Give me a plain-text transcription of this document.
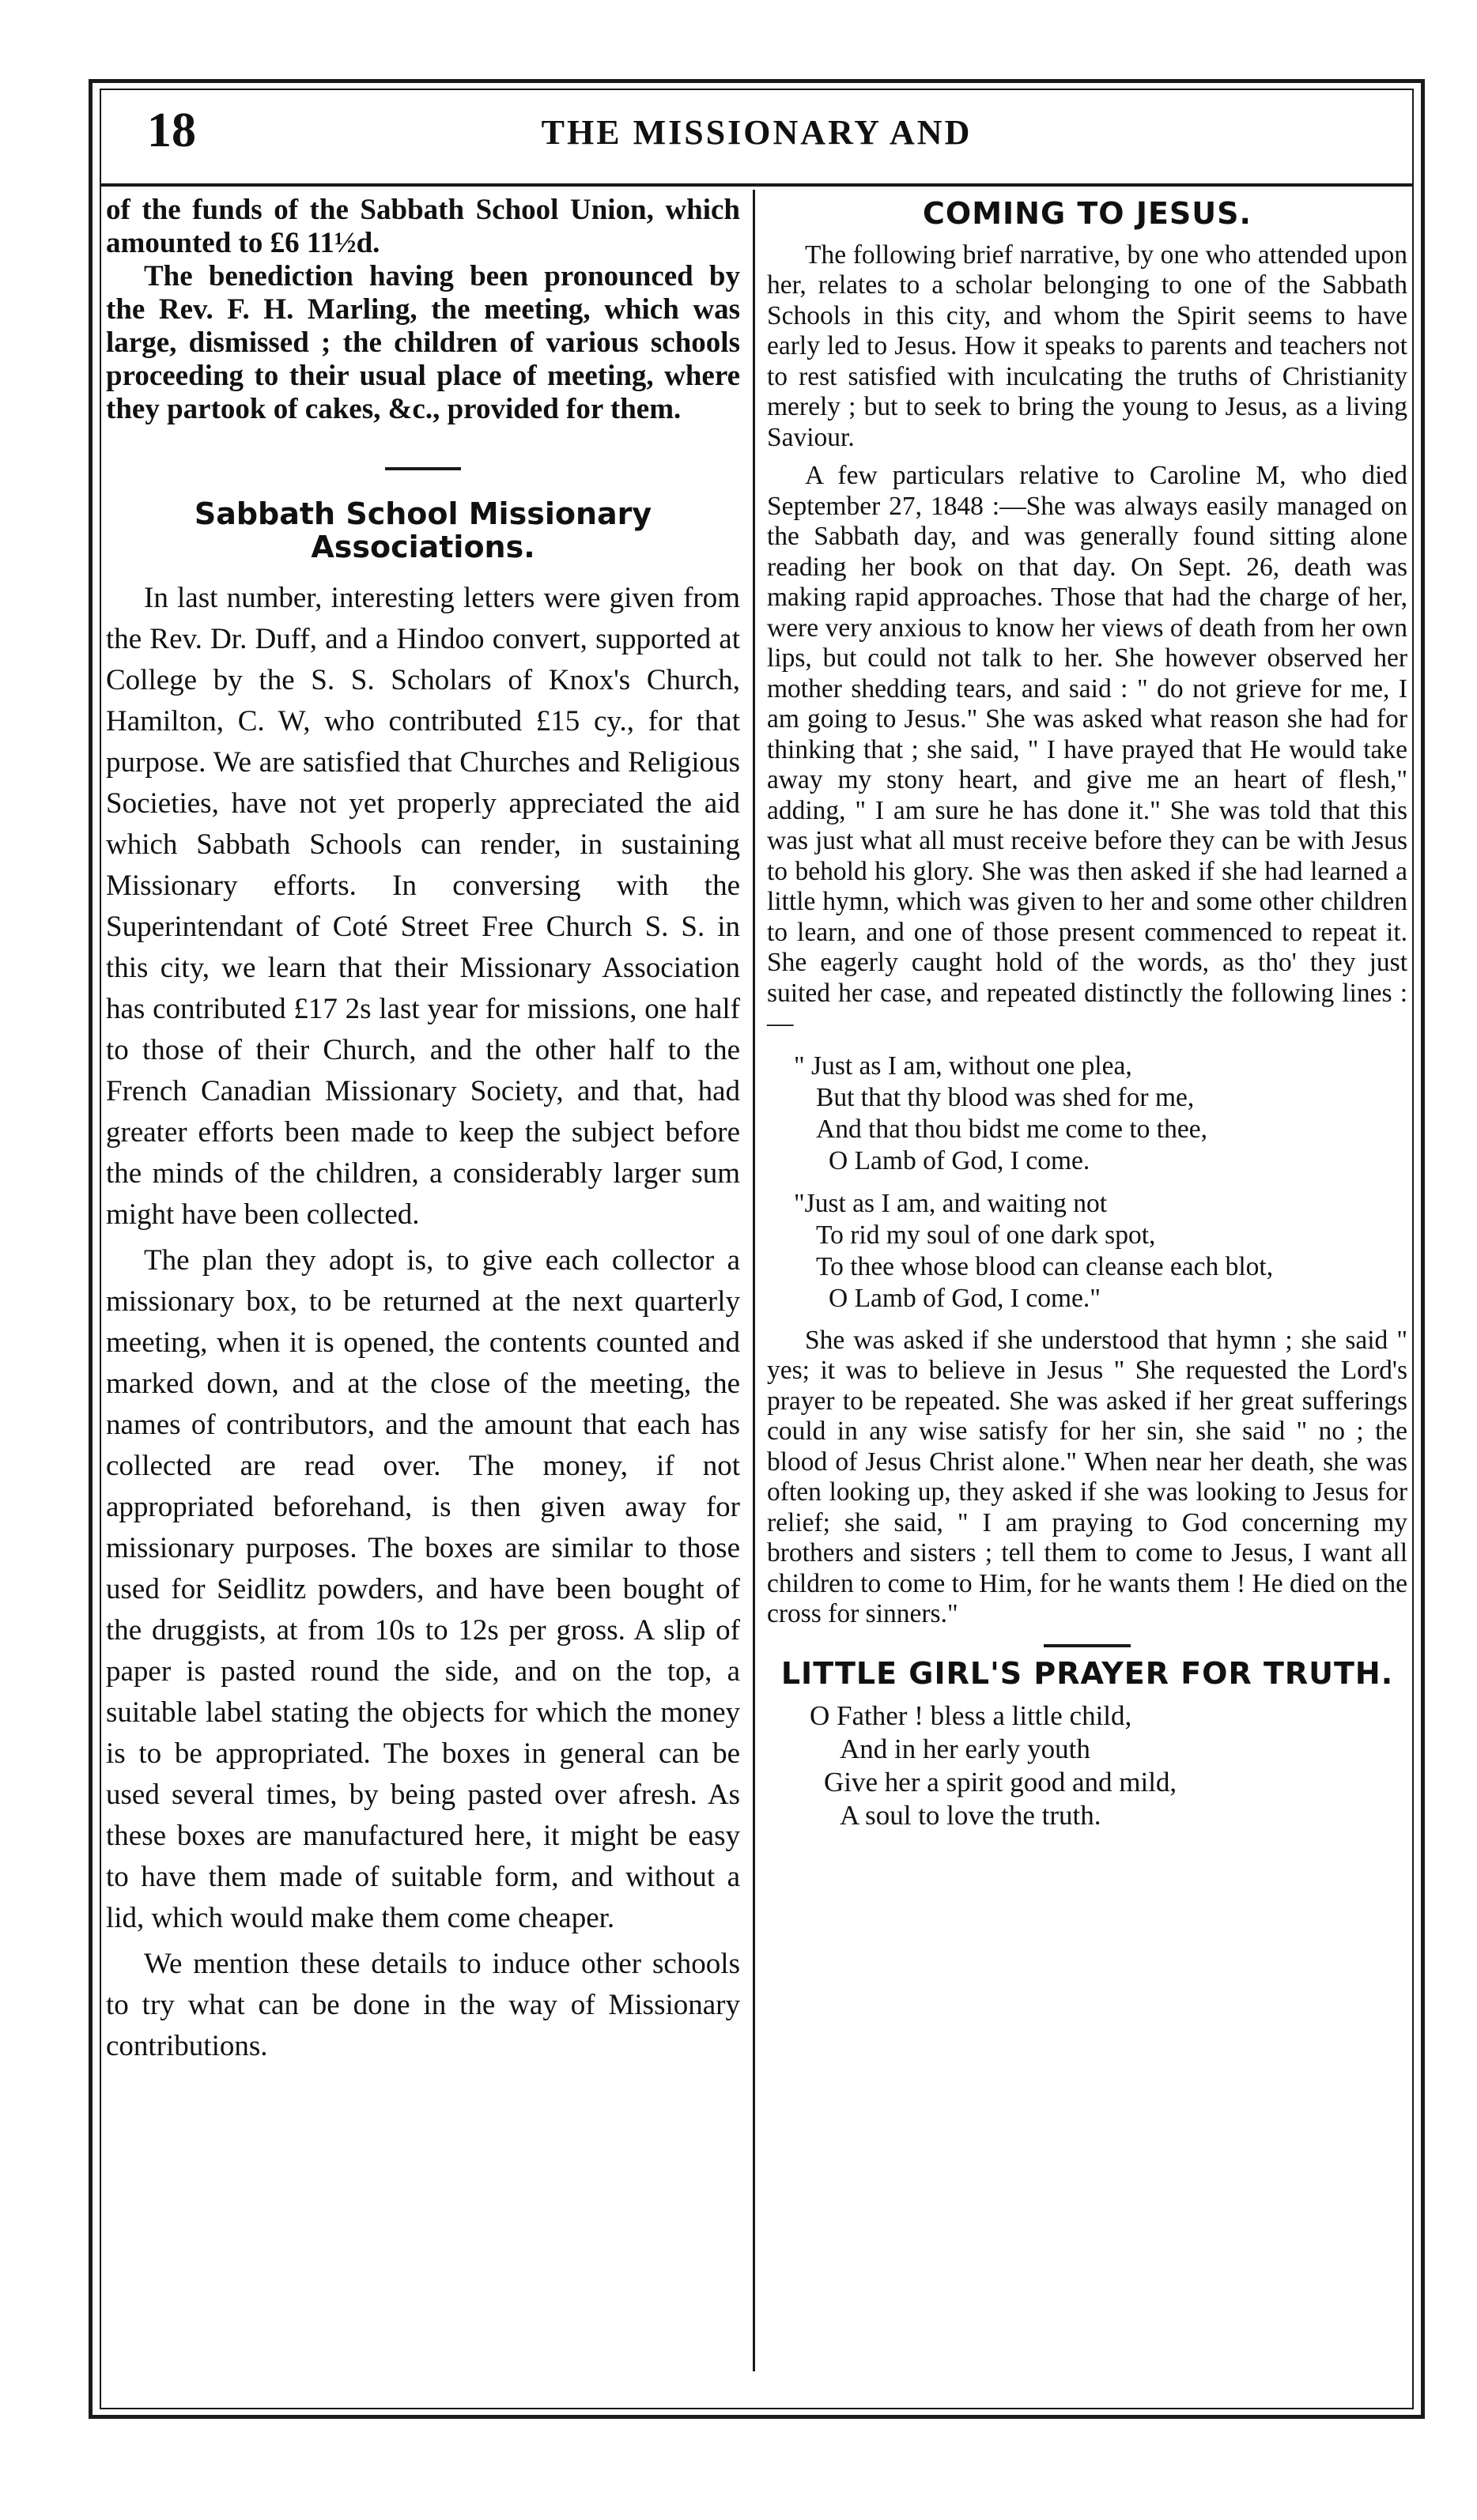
18	THE MISSIONARY AND

of the funds of the Sabbath School Union, which amounted to £6 11½d.

The benediction having been pronounced by the Rev. F. H. Marling, the meeting, which was large, dismissed ; the children of various schools proceeding to their usual place of meeting, where they partook of cakes, &c., provided for them.

Sabbath School Missionary Associations.

In last number, interesting letters were given from the Rev. Dr. Duff, and a Hindoo convert, supported at College by the S. S. Scholars of Knox's Church, Hamilton, C. W, who contributed £15 cy., for that purpose. We are satisfied that Churches and Religious Societies, have not yet properly appreciated the aid which Sabbath Schools can render, in sustaining Missionary efforts. In conversing with the Superintendant of Coté Street Free Church S. S. in this city, we learn that their Missionary Association has contributed £17 2s last year for missions, one half to those of their Church, and the other half to the French Canadian Missionary Society, and that, had greater efforts been made to keep the subject before the minds of the children, a considerably larger sum might have been collected.

The plan they adopt is, to give each collector a missionary box, to be returned at the next quarterly meeting, when it is opened, the contents counted and marked down, and at the close of the meeting, the names of contributors, and the amount that each has collected are read over. The money, if not appropriated beforehand, is then given away for missionary purposes. The boxes are similar to those used for Seidlitz powders, and have been bought of the druggists, at from 10s to 12s per gross. A slip of paper is pasted round the side, and on the top, a suitable label stating the objects for which the money is to be appropriated. The boxes in general can be used several times, by being pasted over afresh. As these boxes are manufactured here, it might be easy to have them made of suitable form, and without a lid, which would make them come cheaper.

We mention these details to induce other schools to try what can be done in the way of Missionary contributions.

COMING TO JESUS.

The following brief narrative, by one who attended upon her, relates to a scholar belonging to one of the Sabbath Schools in this city, and whom the Spirit seems to have early led to Jesus. How it speaks to parents and teachers not to rest satisfied with inculcating the truths of Christianity merely ; but to seek to bring the young to Jesus, as a living Saviour.

A few particulars relative to Caroline M, who died September 27, 1848 :—She was always easily managed on the Sabbath day, and was generally found sitting alone reading her book on that day. On Sept. 26, death was making rapid approaches. Those that had the charge of her, were very anxious to know her views of death from her own lips, but could not talk to her. She however observed her mother shedding tears, and said : " do not grieve for me, I am going to Jesus." She was asked what reason she had for thinking that ; she said, " I have prayed that He would take away my stony heart, and give me an heart of flesh," adding, " I am sure he has done it." She was told that this was just what all must receive before they can be with Jesus to behold his glory. She was then asked if she had learned a little hymn, which was given to her and some other children to learn, and one of those present commenced to repeat it. She eagerly caught hold of the words, as tho' they just suited her case, and repeated distinctly the following lines :—

" Just as I am, without one plea,
But that thy blood was shed for me,
And that thou bidst me come to thee,
O Lamb of God, I come.
"Just as I am, and waiting not
To rid my soul of one dark spot,
To thee whose blood can cleanse each blot,
O Lamb of God, I come."

She was asked if she understood that hymn ; she said " yes; it was to believe in Jesus " She requested the Lord's prayer to be repeated. She was asked if her great sufferings could in any wise satisfy for her sin, she said " no ; the blood of Jesus Christ alone." When near her death, she was often looking up, they asked if she was looking to Jesus for relief; she said, " I am praying to God concerning my brothers and sisters ; tell them to come to Jesus, I want all children to come to Him, for he wants them ! He died on the cross for sinners."

LITTLE GIRL'S PRAYER FOR TRUTH.

O Father ! bless a little child,
And in her early youth
Give her a spirit good and mild,
A soul to love the truth.
